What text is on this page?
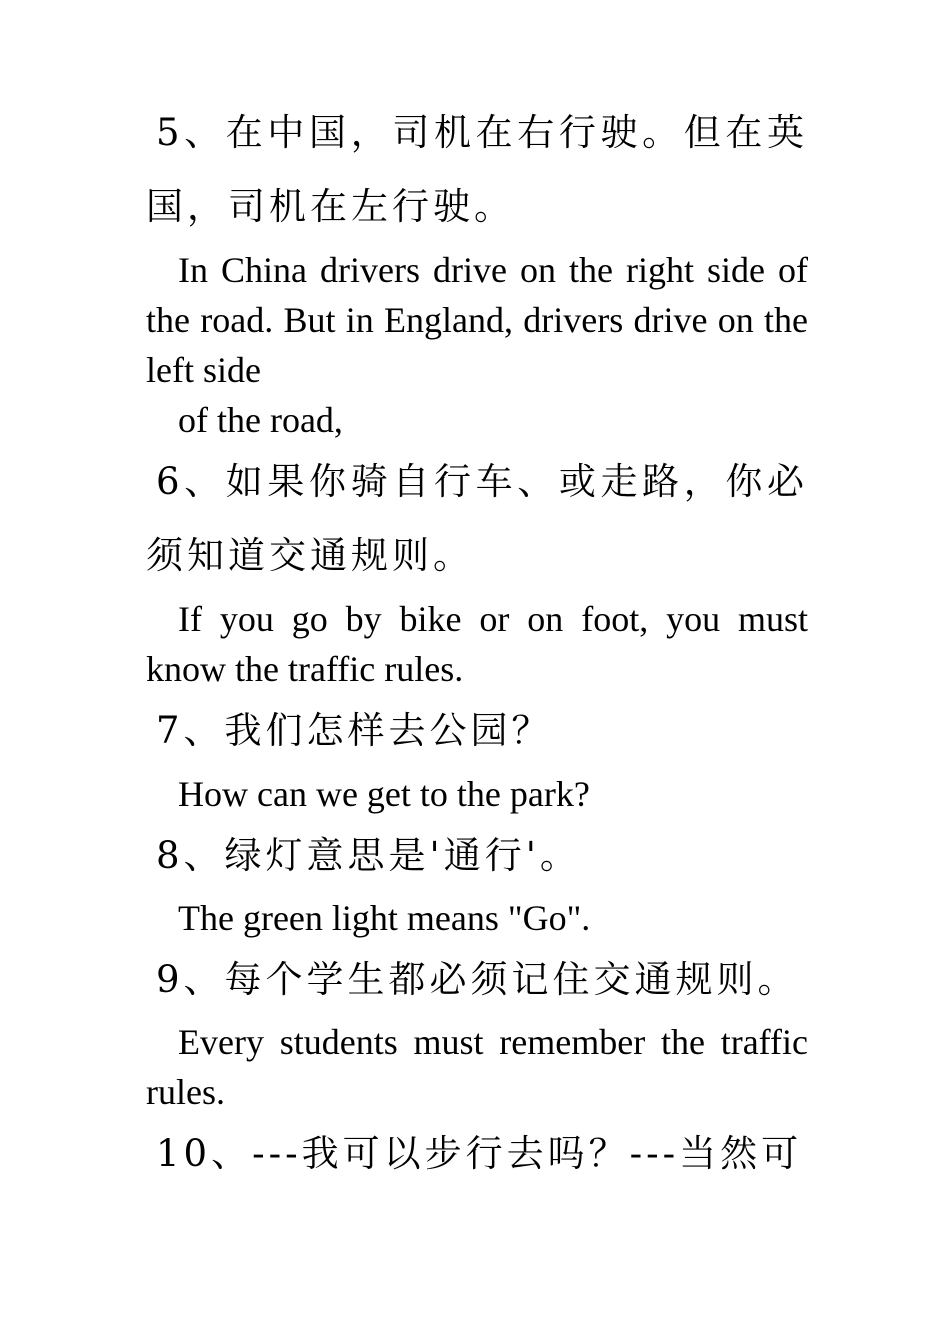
5、在中国，司机在右行驶。但在英国，司机在左行驶。
In China drivers drive on the right side of the road. But in England, drivers drive on the left side
of the road,
6、如果你骑自行车、或走路，你必须知道交通规则。
If you go by bike or on foot, you must know the traffic rules.
7、我们怎样去公园？
How can we get to the park?
8、绿灯意思是'通行'。
The green light means "Go".
9、每个学生都必须记住交通规则。
Every students must remember the traffic rules.
10、---我可以步行去吗？---当然可
